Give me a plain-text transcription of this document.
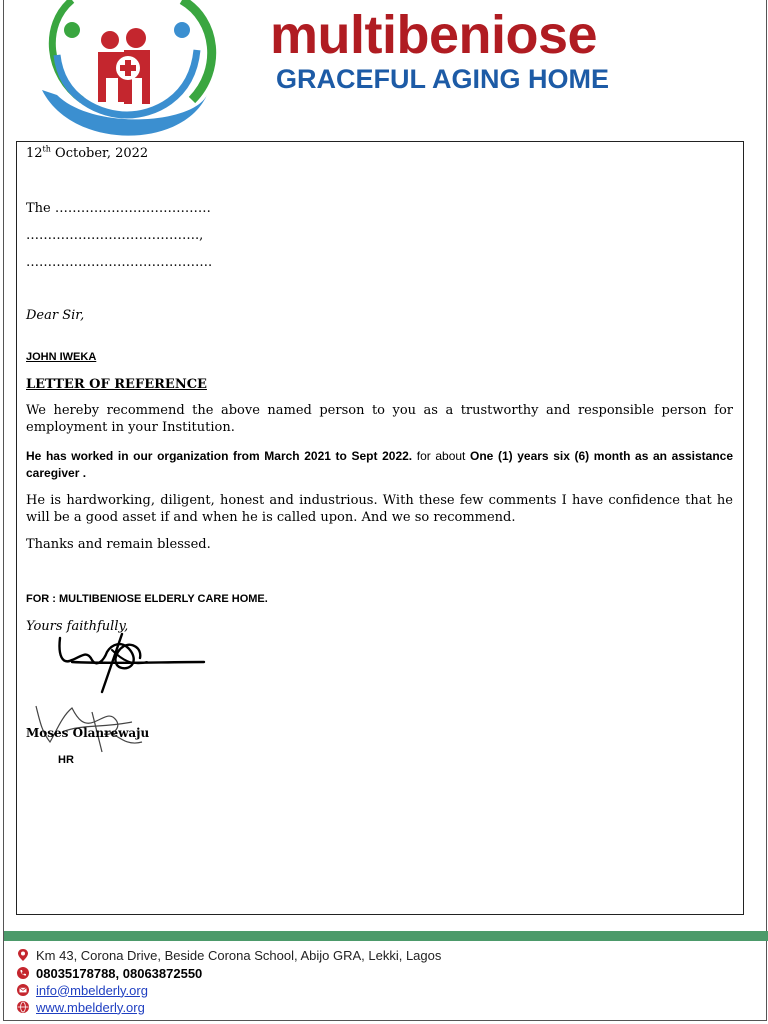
multibeniose
GRACEFUL AGING HOME
12th October, 2022
The ………………………………
………………………………….,
…………………………………….
Dear Sir,
JOHN IWEKA
LETTER OF REFERENCE
We hereby recommend the above named person to you as a trustworthy and responsible person for employment in your Institution.
He has worked in our organization from March 2021 to Sept 2022. for about One (1) years six (6) month as an assistance caregiver .
He is hardworking, diligent, honest and industrious. With these few comments I have confidence that he will be a good asset if and when he is called upon. And we so recommend.
Thanks and remain blessed.
FOR : MULTIBENIOSE ELDERLY CARE HOME.
Yours faithfully,
Moses Olanrewaju
HR
Km 43, Corona Drive, Beside Corona School, Abijo GRA, Lekki, Lagos
08035178788, 08063872550
info@mbelderly.org
www.mbelderly.org
